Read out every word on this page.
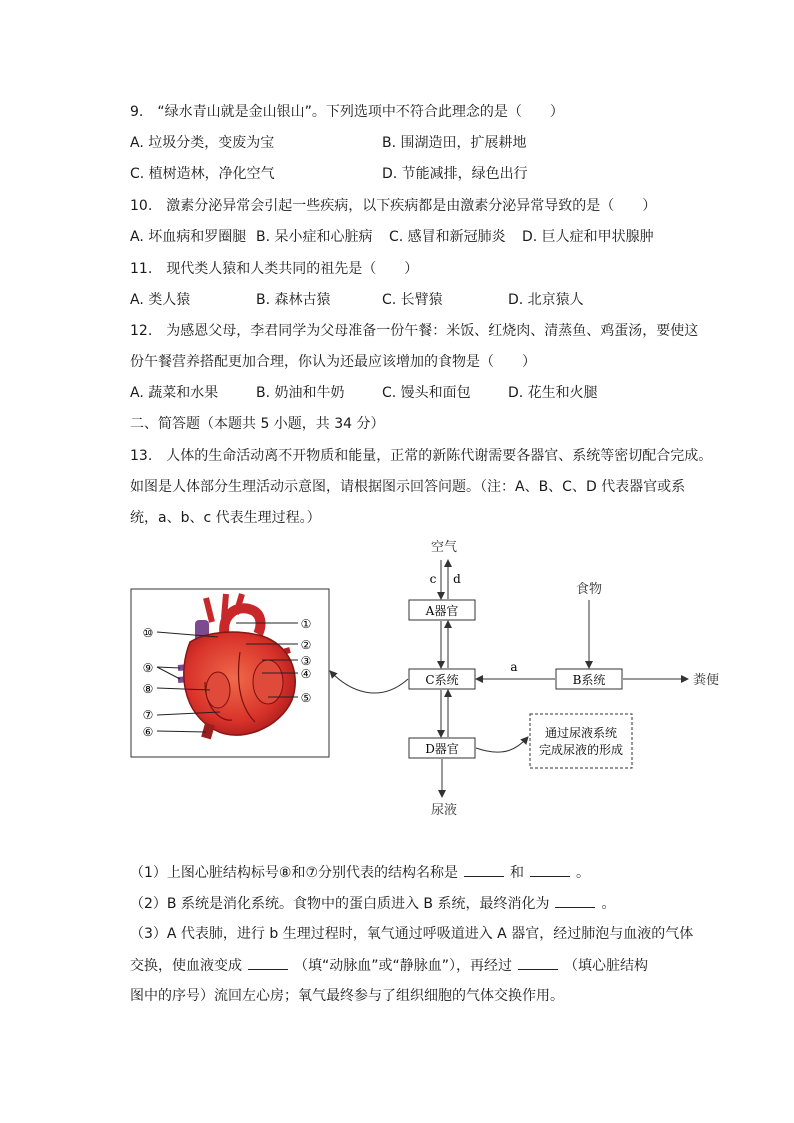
9.　“绿水青山就是金山银山”。下列选项中不符合此理念的是（　　）
A. 垃圾分类，变废为宝	B. 围湖造田，扩展耕地
C. 植树造林，净化空气	D. 节能减排，绿色出行
10.　激素分泌异常会引起一些疾病，以下疾病都是由激素分泌异常导致的是（　　）
A. 坏血病和罗圈腿 B. 呆小症和心脏病 C. 感冒和新冠肺炎 D. 巨人症和甲状腺肿
11.　现代类人猿和人类共同的祖先是（　　）
A. 类人猿	B. 森林古猿	C. 长臂猿	D. 北京猿人
12.　为感恩父母，李君同学为父母准备一份午餐：米饭、红烧肉、清蒸鱼、鸡蛋汤，要使这
份午餐营养搭配更加合理，你认为还最应该增加的食物是（　　）
A. 蔬菜和水果	B. 奶油和牛奶	C. 馒头和面包	D. 花生和火腿
二、简答题（本题共 5 小题，共 34 分）
13.　人体的生命活动离不开物质和能量，正常的新陈代谢需要各器官、系统等密切配合完成。
如图是人体部分生理活动示意图，请根据图示回答问题。（注：A、B、C、D 代表器官或系
统，a、b、c 代表生理过程。）
⑩
⑨
⑧
⑦
⑥
①
②
③
④
⑤
空气
c d
A器官
C系统
食物
B系统
a
粪便
D器官
尿液
通过尿液系统
完成尿液的形成
（1）上图心脏结构标号⑧和⑦分别代表的结构名称是	和	。
（2）B 系统是消化系统。食物中的蛋白质进入 B 系统，最终消化为	。
（3）A 代表肺，进行 b 生理过程时，氧气通过呼吸道进入 A 器官，经过肺泡与血液的气体
交换，使血液变成	（填“动脉血”或“静脉血”），再经过	（填心脏结构
图中的序号）流回左心房；氧气最终参与了组织细胞的气体交换作用。
